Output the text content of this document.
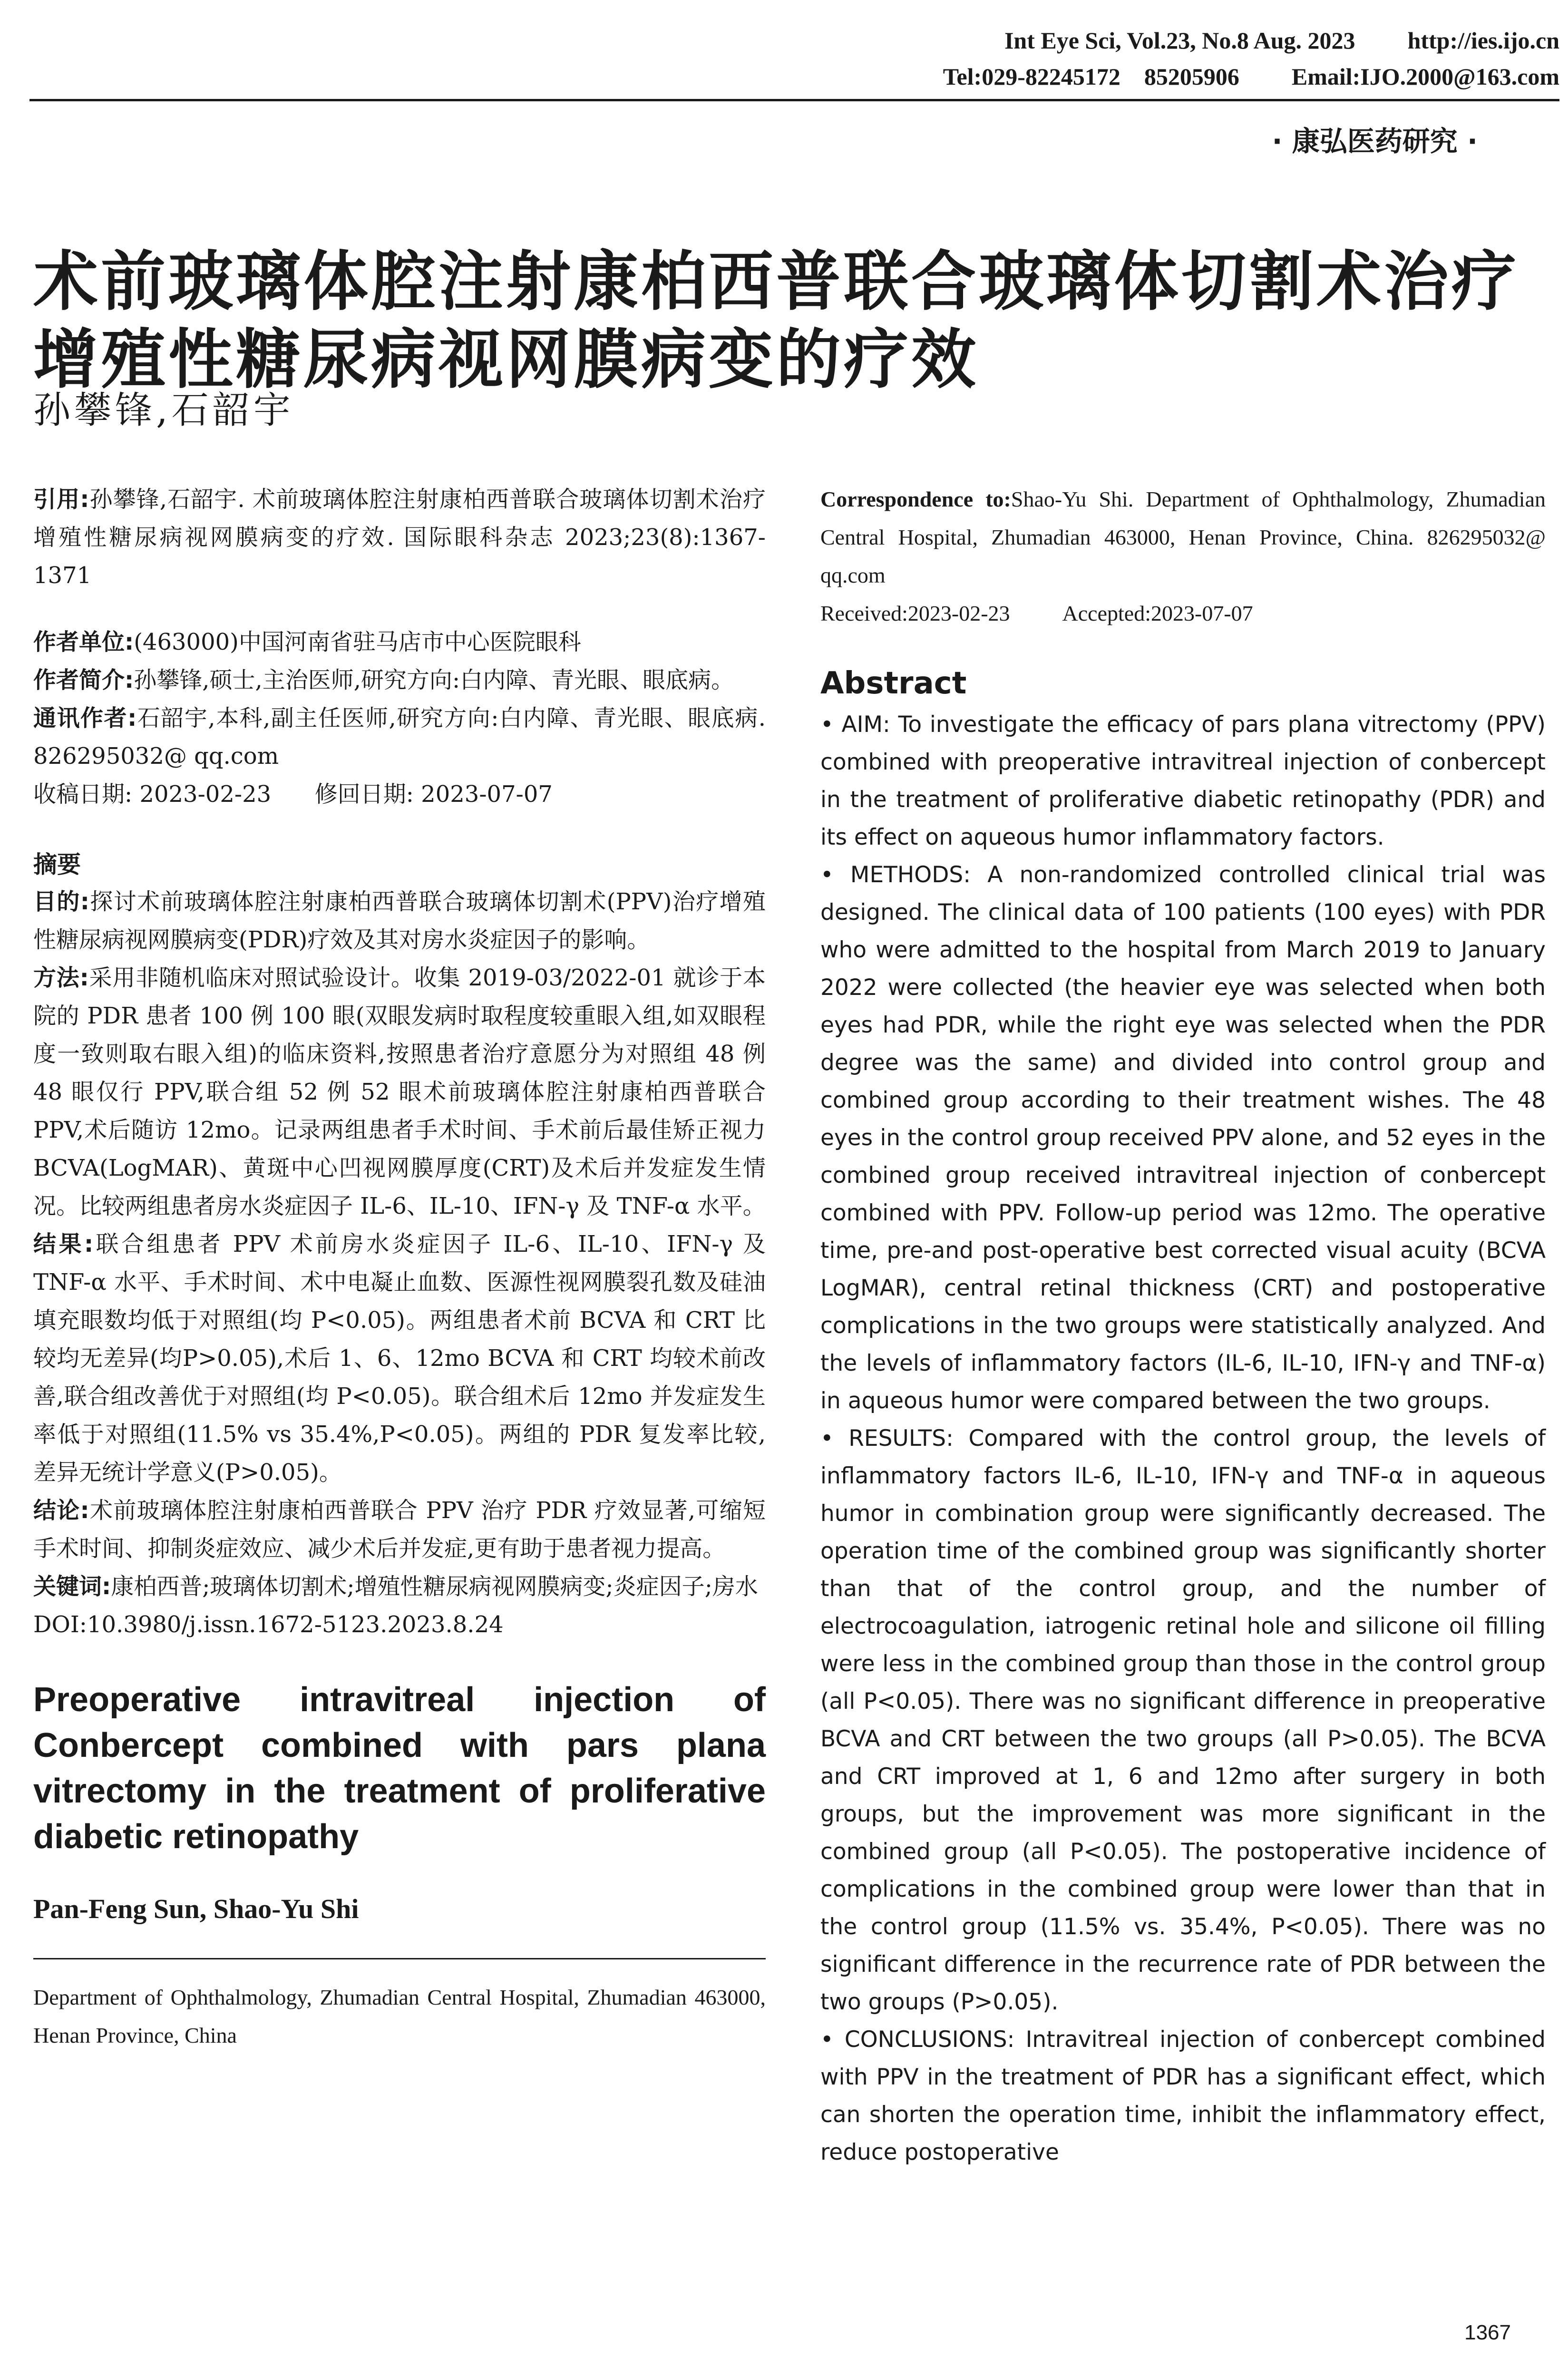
Int Eye Sci, Vol.23, No.8 Aug. 2023 http://ies.ijo.cn
Tel:029-82245172    85205906 Email:IJO.2000@163.com
· 康弘医药研究 ·
术前玻璃体腔注射康柏西普联合玻璃体切割术治疗增殖性糖尿病视网膜病变的疗效
孙攀锋,石韶宇

引用:孙攀锋,石韶宇. 术前玻璃体腔注射康柏西普联合玻璃体切割术治疗增殖性糖尿病视网膜病变的疗效. 国际眼科杂志 2023;23(8):1367-1371

作者单位:(463000)中国河南省驻马店市中心医院眼科

作者简介:孙攀锋,硕士,主治医师,研究方向:白内障、青光眼、眼底病。

通讯作者:石韶宇,本科,副主任医师,研究方向:白内障、青光眼、眼底病. 826295032@ qq.com

收稿日期: 2023-02-23      修回日期: 2023-07-07

摘要

目的:探讨术前玻璃体腔注射康柏西普联合玻璃体切割术(PPV)治疗增殖性糖尿病视网膜病变(PDR)疗效及其对房水炎症因子的影响。

方法:采用非随机临床对照试验设计。收集 2019-03/2022-01 就诊于本院的 PDR 患者 100 例 100 眼(双眼发病时取程度较重眼入组,如双眼程度一致则取右眼入组)的临床资料,按照患者治疗意愿分为对照组 48 例 48 眼仅行 PPV,联合组 52 例 52 眼术前玻璃体腔注射康柏西普联合 PPV,术后随访 12mo。记录两组患者手术时间、手术前后最佳矫正视力 BCVA(LogMAR)、黄斑中心凹视网膜厚度(CRT)及术后并发症发生情况。比较两组患者房水炎症因子 IL-6、IL-10、IFN-γ 及 TNF-α 水平。

结果:联合组患者 PPV 术前房水炎症因子 IL-6、IL-10、IFN-γ 及 TNF-α 水平、手术时间、术中电凝止血数、医源性视网膜裂孔数及硅油填充眼数均低于对照组(均 P<0.05)。两组患者术前 BCVA 和 CRT 比较均无差异(均P>0.05),术后 1、6、12mo BCVA 和 CRT 均较术前改善,联合组改善优于对照组(均 P<0.05)。联合组术后 12mo 并发症发生率低于对照组(11.5% vs 35.4%,P<0.05)。两组的 PDR 复发率比较,差异无统计学意义(P>0.05)。

结论:术前玻璃体腔注射康柏西普联合 PPV 治疗 PDR 疗效显著,可缩短手术时间、抑制炎症效应、减少术后并发症,更有助于患者视力提高。

关键词:康柏西普;玻璃体切割术;增殖性糖尿病视网膜病变;炎症因子;房水

DOI:10.3980/j.issn.1672-5123.2023.8.24

Preoperative intravitreal injection of Conbercept combined with pars plana vitrectomy in the treatment of proliferative diabetic retinopathy
Pan-Feng Sun, Shao-Yu Shi
Department of Ophthalmology, Zhumadian Central Hospital, Zhumadian 463000, Henan Province, China

Correspondence to:Shao-Yu Shi. Department of Ophthalmology, Zhumadian Central Hospital, Zhumadian 463000, Henan Province, China. 826295032@ qq.com

Received:2023-02-23 Accepted:2023-07-07
Abstract

• AIM: To investigate the efficacy of pars plana vitrectomy (PPV) combined with preoperative intravitreal injection of conbercept in the treatment of proliferative diabetic retinopathy (PDR) and its effect on aqueous humor inflammatory factors.

• METHODS: A non-randomized controlled clinical trial was designed. The clinical data of 100 patients (100 eyes) with PDR who were admitted to the hospital from March 2019 to January 2022 were collected (the heavier eye was selected when both eyes had PDR, while the right eye was selected when the PDR degree was the same) and divided into control group and combined group according to their treatment wishes. The 48 eyes in the control group received PPV alone, and 52 eyes in the combined group received intravitreal injection of conbercept combined with PPV. Follow-up period was 12mo. The operative time, pre-and post-operative best corrected visual acuity (BCVA LogMAR), central retinal thickness (CRT) and postoperative complications in the two groups were statistically analyzed. And the levels of inflammatory factors (IL-6, IL-10, IFN-γ and TNF-α) in aqueous humor were compared between the two groups.

• RESULTS: Compared with the control group, the levels of inflammatory factors IL-6, IL-10, IFN-γ and TNF-α in aqueous humor in combination group were significantly decreased. The operation time of the combined group was significantly shorter than that of the control group, and the number of electrocoagulation, iatrogenic retinal hole and silicone oil filling were less in the combined group than those in the control group (all P<0.05). There was no significant difference in preoperative BCVA and CRT between the two groups (all P>0.05). The BCVA and CRT improved at 1, 6 and 12mo after surgery in both groups, but the improvement was more significant in the combined group (all P<0.05). The postoperative incidence of complications in the combined group were lower than that in the control group (11.5% vs. 35.4%, P<0.05). There was no significant difference in the recurrence rate of PDR between the two groups (P>0.05).

• CONCLUSIONS: Intravitreal injection of conbercept combined with PPV in the treatment of PDR has a significant effect, which can shorten the operation time, inhibit the inflammatory effect, reduce postoperative

1367
